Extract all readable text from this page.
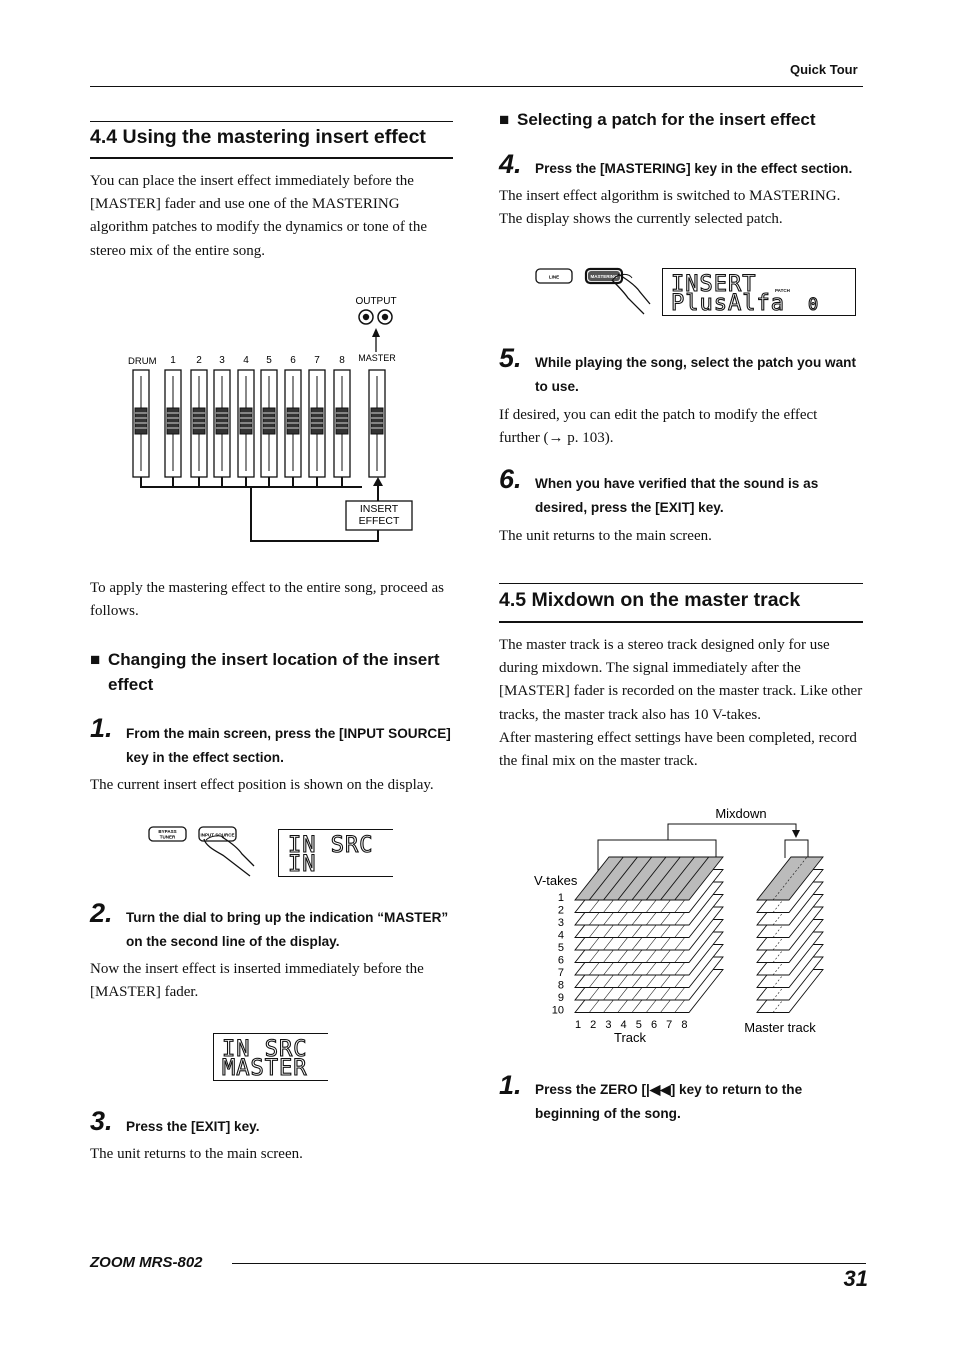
Quick Tour
4.4 Using the mastering insert effect
You can place the insert effect immediately before the [MASTER] fader and use one of the MASTERING algorithm patches to modify the dynamics or tone of the stereo mix of the entire song.
OUTPUT
DRUM 1 2 3 4 5 6 7 8 MASTER
INSERT
EFFECT
To apply the mastering effect to the entire song, proceed as follows.
■ Changing the insert location of the insert effect
1. From the main screen, press the [INPUT SOURCE] key in the effect section.
The current insert effect position is shown on the display.
BYPASS
TUNER	INPUT SOURCE IN SRC
IN
2. Turn the dial to bring up the indication “MASTER” on the second line of the display.
Now the insert effect is inserted immediately before the [MASTER] fader.
IN SRC
MASTER
3. Press the [EXIT] key.
The unit returns to the main screen.
■ Selecting a patch for the insert effect
4. Press the [MASTERING] key in the effect section.
The insert effect algorithm is switched to MASTERING. The display shows the currently selected patch.
LINE	MASTERING INSERT	PATCH
PlusAlfa 0
5. While playing the song, select the patch you want to use.
If desired, you can edit the patch to modify the effect further (→ p. 103).
6. When you have verified that the sound is as desired, press the [EXIT] key.
The unit returns to the main screen.
4.5 Mixdown on the master track
The master track is a stereo track designed only for use during mixdown. The signal immediately after the [MASTER] fader is recorded on the master track. Like other tracks, the master track also has 10 V-takes.
After mastering effect settings have been completed, record the final mix on the master track.
Mixdown
V-takes
1
2
3
4
5
6
7
8
9
10
1 2 3 4 5 6 7 8
Track
Master track
1. Press the ZERO [|◀◀] key to return to the beginning of the song.
ZOOM MRS-802
31
